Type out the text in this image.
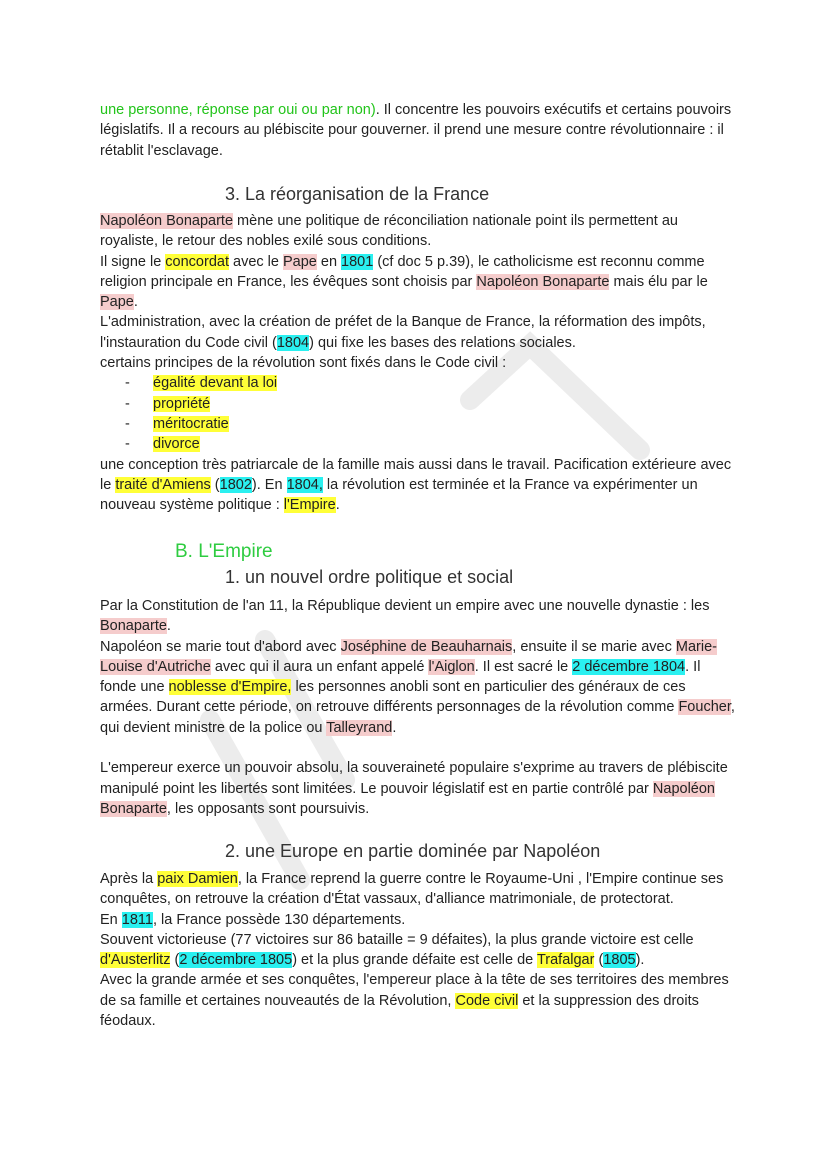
une personne, réponse par oui ou par non). Il concentre les pouvoirs exécutifs et certains pouvoirs législatifs. Il a recours au plébiscite pour gouverner. il prend une mesure contre révolutionnaire : il rétablit l'esclavage.
3. La réorganisation de la France
Napoléon Bonaparte mène une politique de réconciliation nationale point ils permettent au royaliste, le retour des nobles exilé sous conditions.
Il signe le concordat avec le Pape en 1801 (cf doc 5 p.39), le catholicisme est reconnu comme religion principale en France, les évêques sont choisis par Napoléon Bonaparte mais élu par le Pape.
L'administration, avec la création de préfet de la Banque de France, la réformation des impôts, l'instauration du Code civil (1804) qui fixe les bases des relations sociales.
certains principes de la révolution sont fixés dans le Code civil :
- égalité devant la loi
- propriété
- méritocratie
- divorce
une conception très patriarcale de la famille mais aussi dans le travail. Pacification extérieure avec le traité d'Amiens (1802). En 1804, la révolution est terminée et la France va expérimenter un nouveau système politique : l'Empire.
B. L'Empire
1. un nouvel ordre politique et social
Par la Constitution de l'an 11, la République devient un empire avec une nouvelle dynastie : les Bonaparte.
Napoléon se marie tout d'abord avec Joséphine de Beauharnais, ensuite il se marie avec Marie-Louise d'Autriche avec qui il aura un enfant appelé l'Aiglon. Il est sacré le 2 décembre 1804. Il fonde une noblesse d'Empire, les personnes anobli sont en particulier des généraux de ces armées. Durant cette période, on retrouve différents personnages de la révolution comme Foucher, qui devient ministre de la police ou Talleyrand.
L'empereur exerce un pouvoir absolu, la souveraineté populaire s'exprime au travers de plébiscite manipulé point les libertés sont limitées. Le pouvoir législatif est en partie contrôlé par Napoléon Bonaparte, les opposants sont poursuivis.
2. une Europe en partie dominée par Napoléon
Après la paix Damien, la France reprend la guerre contre le Royaume-Uni , l'Empire continue ses conquêtes, on retrouve la création d'État vassaux, d'alliance matrimoniale, de protectorat.
En 1811, la France possède 130 départements.
Souvent victorieuse (77 victoires sur 86 bataille = 9 défaites), la plus grande victoire est celle d'Austerlitz (2 décembre 1805) et la plus grande défaite est celle de Trafalgar (1805).
Avec la grande armée et ses conquêtes, l'empereur place à la tête de ses territoires des membres de sa famille et certaines nouveautés de la Révolution, Code civil et la suppression des droits féodaux.
